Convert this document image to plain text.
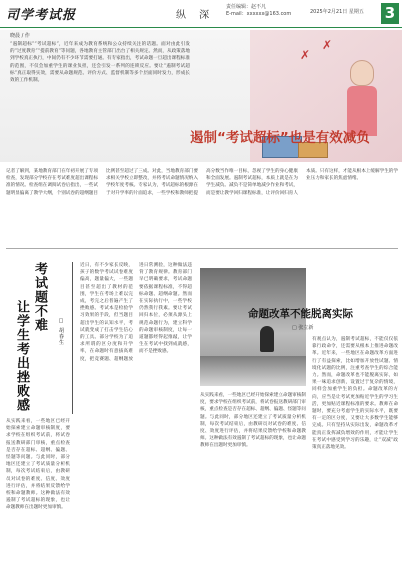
司学考试报	纵 深
责任编辑：赵不凡
E-mail：xxxxxx@163.com	2025年2月21日 星期五 3
✗
✗
晓晨 / 作
“遏制超标”“考试超标”，近年来成为教育系统和公众持续关注的话题。面对由此引发的“过度教育”“提前教育”等问题，各地教育主管部门出台了相关规定。然而，从政策落地到学校真正执行，中间仍有不少环节需要打通。有专家指出，考试命题一旦超出课程标准的范围，不仅会加重学生的课业负担，还会引发一系列的连锁反应。要让“遏制考试超标”真正取得实效，需要从命题规范、评价方式、监督机制等多个层面同时发力，形成长效的工作机制。
遏制“考试超标”也是有效减负
记者了解到，某地教育部门在年初开展了专项检查，发现部分学校存在考试难度超出课程标准的情况。检查组在调阅试卷后指出，一些试题明显偏离了教学大纲，个别试卷的超纲题目比例甚至超过了三成。对此，当地教育部门要求相关学校立即整改，并将考试命题情况纳入学校年度考核。专家认为，考试超标的根源在于对升学率的片面追求，一些学校和教师把提高分数当作唯一目标，忽视了学生的身心健康和全面发展。遏制考试超标，本质上就是在为学生减负。减负不是简单地减少作业和考试，而是要让教学回归课程标准，让评价回归育人本质。只有这样，才能从根本上缓解学生的学业压力和家长的焦虑情绪。
考试题不难
让学生考出挫败感	□ 胡春生
近日，有不少家长反映，孩子的数学考试试卷难度偏高，题量偏大，一些题目甚至超出了教材的范围，学生在考场上难以完成，考完之后普遍产生了挫败感。考试本是检验学习效果的手段，但当题目超出学生的认知水平，考试就变成了打击学生信心的工具。部分学校为了追求所谓的区分度和升学率，在命题时有意拔高难度，把竞赛题、超纲题放进日常测验，这种做法违背了教育规律。教育部门早已明确要求，考试命题要依据课程标准，不得超标命题、超纲命题。然而在实际执行中，一些学校仍然我行我素。要让考试回归本位，必须从源头上规范命题行为，建立科学的命题审核制度，让每一道题都经得起推敲，让学生在考试中找到成就感，而不是挫败感。
从实践来看，一些地区已经开始探索建立命题审核制度，要求学校在组织考试前，将试卷报送教研部门审核，重点检查是否存在超标、超纲、偏题、怪题等问题。与此同时，部分地区还建立了考试质量分析机制，每次考试结束后，由教研员对试卷的难度、信度、效度进行评估，并将结果反馈给学校和命题教师。这种做法有效遏制了考试超标的现象，也让命题教师在出题时更加审慎。
命题改革不能脱离实际
□ 张立新
从实践来看，一些地区已经开始探索建立命题审核制度，要求学校在组织考试前，将试卷报送教研部门审核，重点检查是否存在超标、超纲、偏题、怪题等问题。与此同时，部分地区还建立了考试质量分析机制，每次考试结束后，由教研员对试卷的难度、信度、效度进行评估，并将结果反馈给学校和命题教师。这种做法有效遏制了考试超标的现象，也让命题教师在出题时更加审慎。
有观点认为，遏制考试超标，不能仅仅依靠行政命令，还需要从根本上推进命题改革。近年来，一些地区在命题改革方面进行了有益探索，比如增加开放性试题、情境化试题的比例，注重考查学生的综合能力。然而，命题改革也不能脱离实际，如果一味追求创新，设置过于复杂的情境，同样会加重学生的负担。命题改革的方向，应当是让考试更加贴近学生的学习生活，更加贴近课程标准的要求。教师在命题时，要充分考虑学生的实际水平，既要有一定的区分度，又要让大多数学生能够完成。只有坚持从实际出发，命题改革才能真正发挥减负增效的作用，才能让学生在考试中感受到学习的乐趣，让“双减”政策真正落地见效。
